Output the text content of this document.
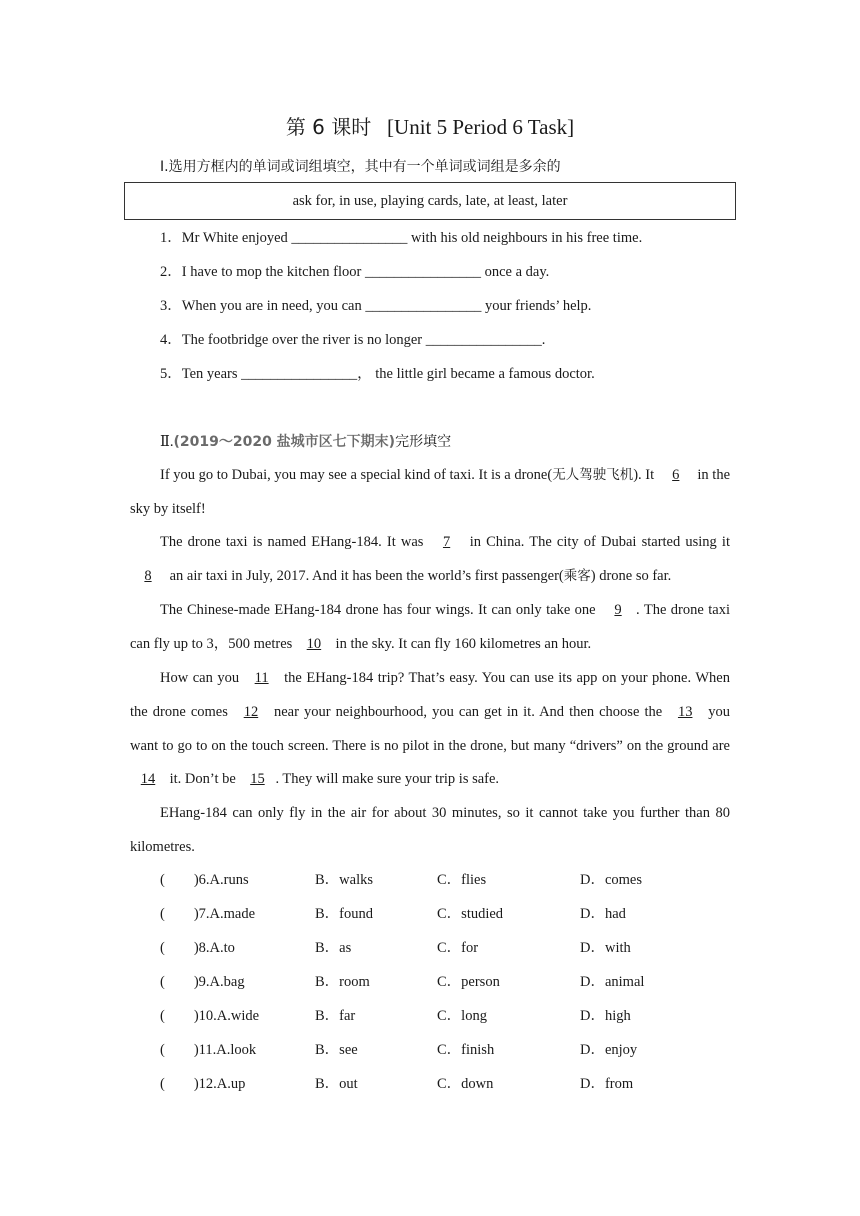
第 6 课时 [Unit 5 Period 6 Task]
Ⅰ.选用方框内的单词或词组填空，其中有一个单词或词组是多余的
ask for, in use, playing cards, late, at least, later
1．Mr White enjoyed ________________ with his old neighbours in his free time.
2．I have to mop the kitchen floor ________________ once a day.
3．When you are in need, you can ________________ your friends’ help.
4．The footbridge over the river is no longer ________________.
5．Ten years ________________， the little girl became a famous doctor.
Ⅱ.(2019～2020 盐城市区七下期末)完形填空
If you go to Dubai, you may see a special kind of taxi. It is a drone(无人驾驶飞机). It 6 in the sky by itself!
The drone taxi is named EHang-184. It was 7 in China. The city of Dubai started using it 8 an air taxi in July, 2017. And it has been the world’s first passenger(乘客) drone so far.
The Chinese-made EHang-184 drone has four wings. It can only take one 9 . The drone taxi can fly up to 3，500 metres 10 in the sky. It can fly 160 kilometres an hour.
How can you 11 the EHang-184 trip? That’s easy. You can use its app on your phone. When the drone comes 12 near your neighbourhood, you can get in it. And then choose the 13 you want to go to on the touch screen. There is no pilot in the drone, but many “drivers” on the ground are 14 it. Don’t be 15 . They will make sure your trip is safe.
EHang-184 can only fly in the air for about 30 minutes, so it cannot take you further than 80 kilometres.
(　　)6.A.runs	B．walks	C．flies	D．comes
(　　)7.A.made	B．found	C．studied	D．had
(　　)8.A.to	B．as	C．for	D．with
(　　)9.A.bag	B．room	C．person	D．animal
(　　)10.A.wide	B．far	C．long	D．high
(　　)11.A.look	B．see	C．finish	D．enjoy
(　　)12.A.up	B．out	C．down	D．from
